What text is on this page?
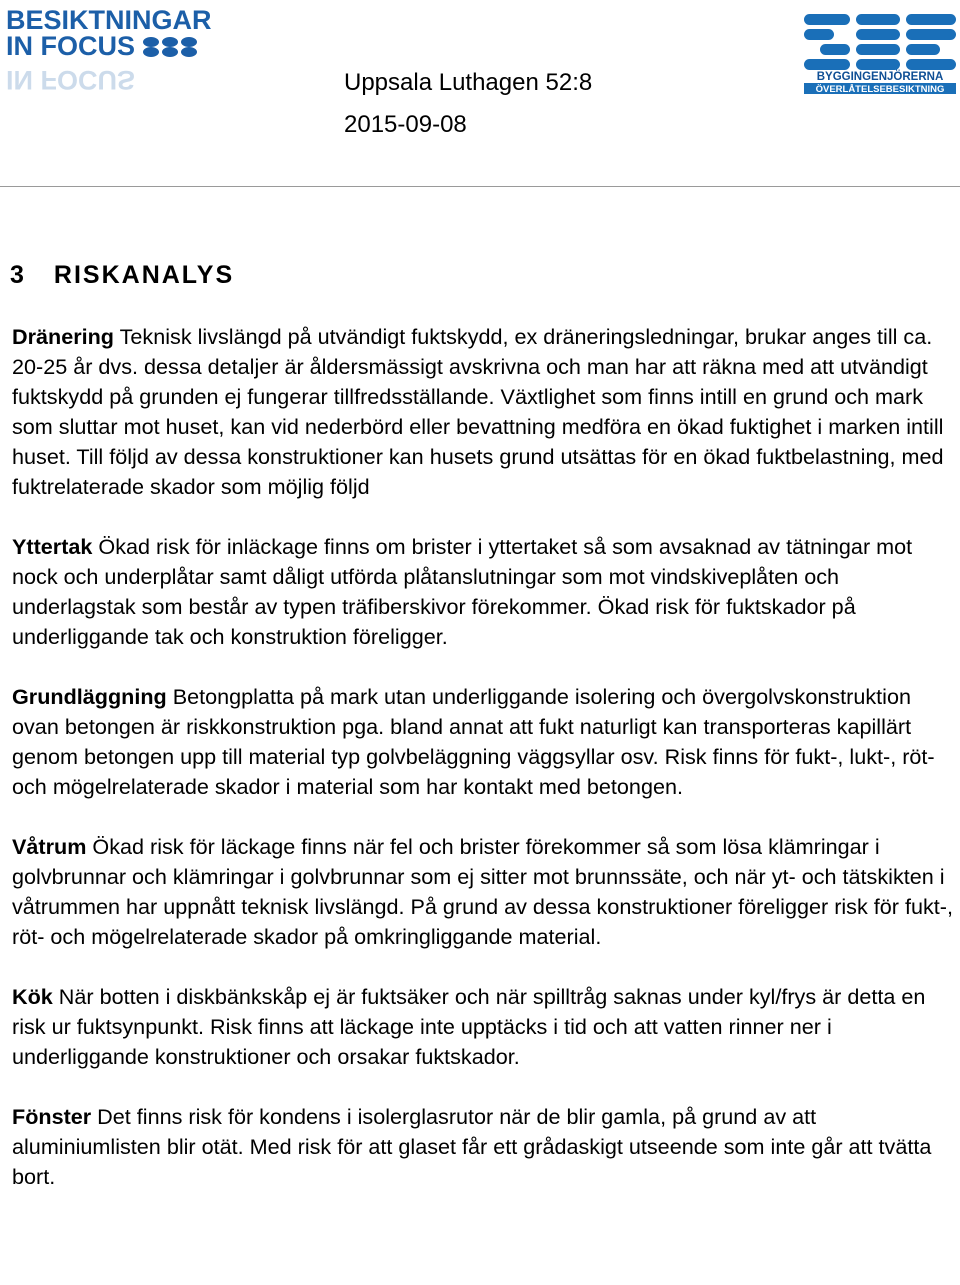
BESIKTNINGAR
IN FOCUS
IN FOCUS	BYGGINGENJÖRERNA
ÖVERLÅTELSEBESIKTNING
Uppsala Luthagen 52:8
2015-09-08
3 RISKANALYS

Dränering Teknisk livslängd på utvändigt fuktskydd, ex dräneringsledningar, brukar anges till ca. 20-25 år dvs. dessa detaljer är åldersmässigt avskrivna och man har att räkna med att utvändigt fuktskydd på grunden ej fungerar tillfredsställande. Växtlighet som finns intill en grund och mark som sluttar mot huset, kan vid nederbörd eller bevattning medföra en ökad fuktighet i marken intill huset. Till följd av dessa konstruktioner kan husets grund utsättas för en ökad fuktbelastning, med fuktrelaterade skador som möjlig följd

Yttertak Ökad risk för inläckage finns om brister i yttertaket så som avsaknad av tätningar mot nock och underplåtar samt dåligt utförda plåtanslutningar som mot vindskiveplåten och underlagstak som består av typen träfiberskivor förekommer. Ökad risk för fuktskador på underliggande tak och konstruktion föreligger.

Grundläggning Betongplatta på mark utan underliggande isolering och övergolvskonstruktion ovan betongen är riskkonstruktion pga. bland annat att fukt naturligt kan transporteras kapillärt genom betongen upp till material typ golvbeläggning väggsyllar osv. Risk finns för fukt-, lukt-, röt- och mögelrelaterade skador i material som har kontakt med betongen.

Våtrum Ökad risk för läckage finns när fel och brister förekommer så som lösa klämringar i golvbrunnar och klämringar i golvbrunnar som ej sitter mot brunnssäte, och när yt- och tätskikten i våtrummen har uppnått teknisk livslängd. På grund av dessa konstruktioner föreligger risk för fukt-, röt- och mögelrelaterade skador på omkringliggande material.

Kök När botten i diskbänkskåp ej är fuktsäker och när spilltråg saknas under kyl/frys är detta en risk ur fuktsynpunkt. Risk finns att läckage inte upptäcks i tid och att vatten rinner ner i underliggande konstruktioner och orsakar fuktskador.

Fönster Det finns risk för kondens i isolerglasrutor när de blir gamla, på grund av att aluminiumlisten blir otät. Med risk för att glaset får ett grådaskigt utseende som inte går att tvätta bort.
